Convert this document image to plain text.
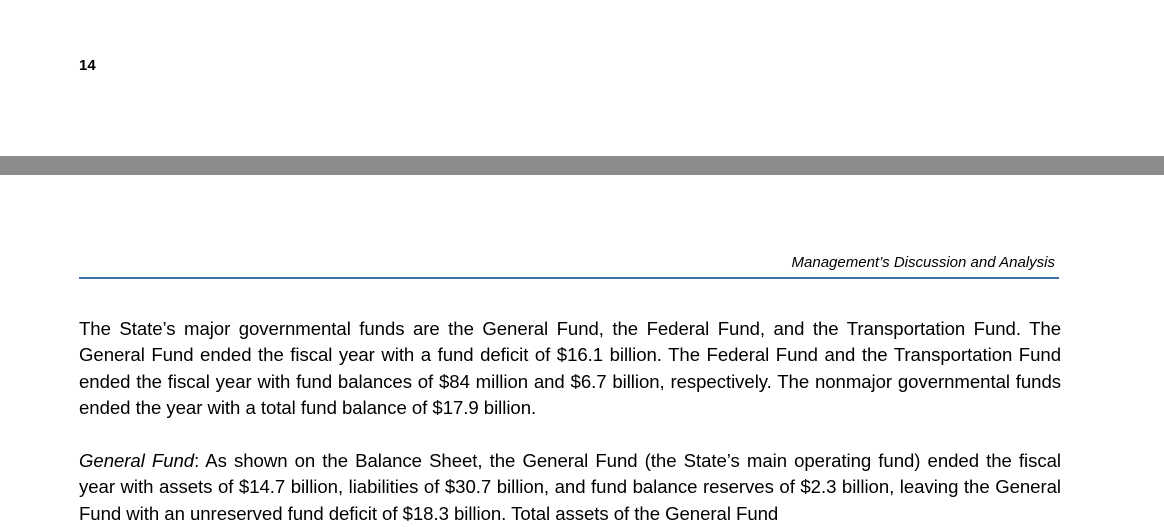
14
Management’s Discussion and Analysis

The State’s major governmental funds are the General Fund, the Federal Fund, and the Transportation Fund. The General Fund ended the fiscal year with a fund deficit of $16.1 billion. The Federal Fund and the Transportation Fund ended the fiscal year with fund balances of $84 million and $6.7 billion, respectively. The nonmajor governmental funds ended the year with a total fund balance of $17.9 billion.

General Fund: As shown on the Balance Sheet, the General Fund (the State’s main operating fund) ended the fiscal year with assets of $14.7 billion, liabilities of $30.7 billion, and fund balance reserves of $2.3 billion, leaving the General Fund with an unreserved fund deficit of $18.3 billion. Total assets of the General Fund
